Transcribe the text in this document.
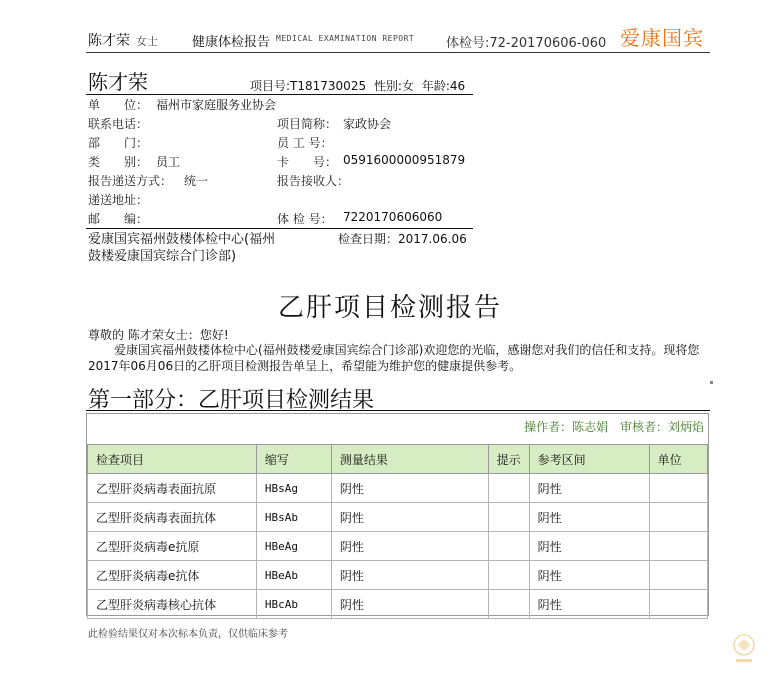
陈才荣 女士	健康体检报告 MEDICAL EXAMINATION REPORT 体检号:72-20170606-060 爱康国宾
陈才荣	项目号:T181730025 性别:女 年龄:46
单　　位： 福州市家庭服务业协会
联系电话：
部　　门：
类　　别： 员工
报告递送方式： 统一
递送地址：
邮　　编：
项目简称： 家政协会
员 工 号：
卡　　号： 0591600000951879
报告接收人：
体 检 号： 7220170606060
爱康国宾福州鼓楼体检中心(福州鼓楼爱康国宾综合门诊部)
检查日期：2017.06.06
乙肝项目检测报告
尊敬的 陈才荣女士：您好!
爱康国宾福州鼓楼体检中心(福州鼓楼爱康国宾综合门诊部)欢迎您的光临，感谢您对我们的信任和支持。现将您2017年06月06日的乙肝项目检测报告单呈上，希望能为维护您的健康提供参考。
第一部分：乙肝项目检测结果
操作者：陈志娟 审核者：刘炳焰
检查项目	缩写	测量结果	提示	参考区间	单位
乙型肝炎病毒表面抗原	HBsAg	阴性		阴性	
乙型肝炎病毒表面抗体	HBsAb	阴性		阴性	
乙型肝炎病毒e抗原	HBeAg	阴性		阴性	
乙型肝炎病毒e抗体	HBeAb	阴性		阴性	
乙型肝炎病毒核心抗体	HBcAb	阴性		阴性	
此检验结果仅对本次标本负责，仅供临床参考
